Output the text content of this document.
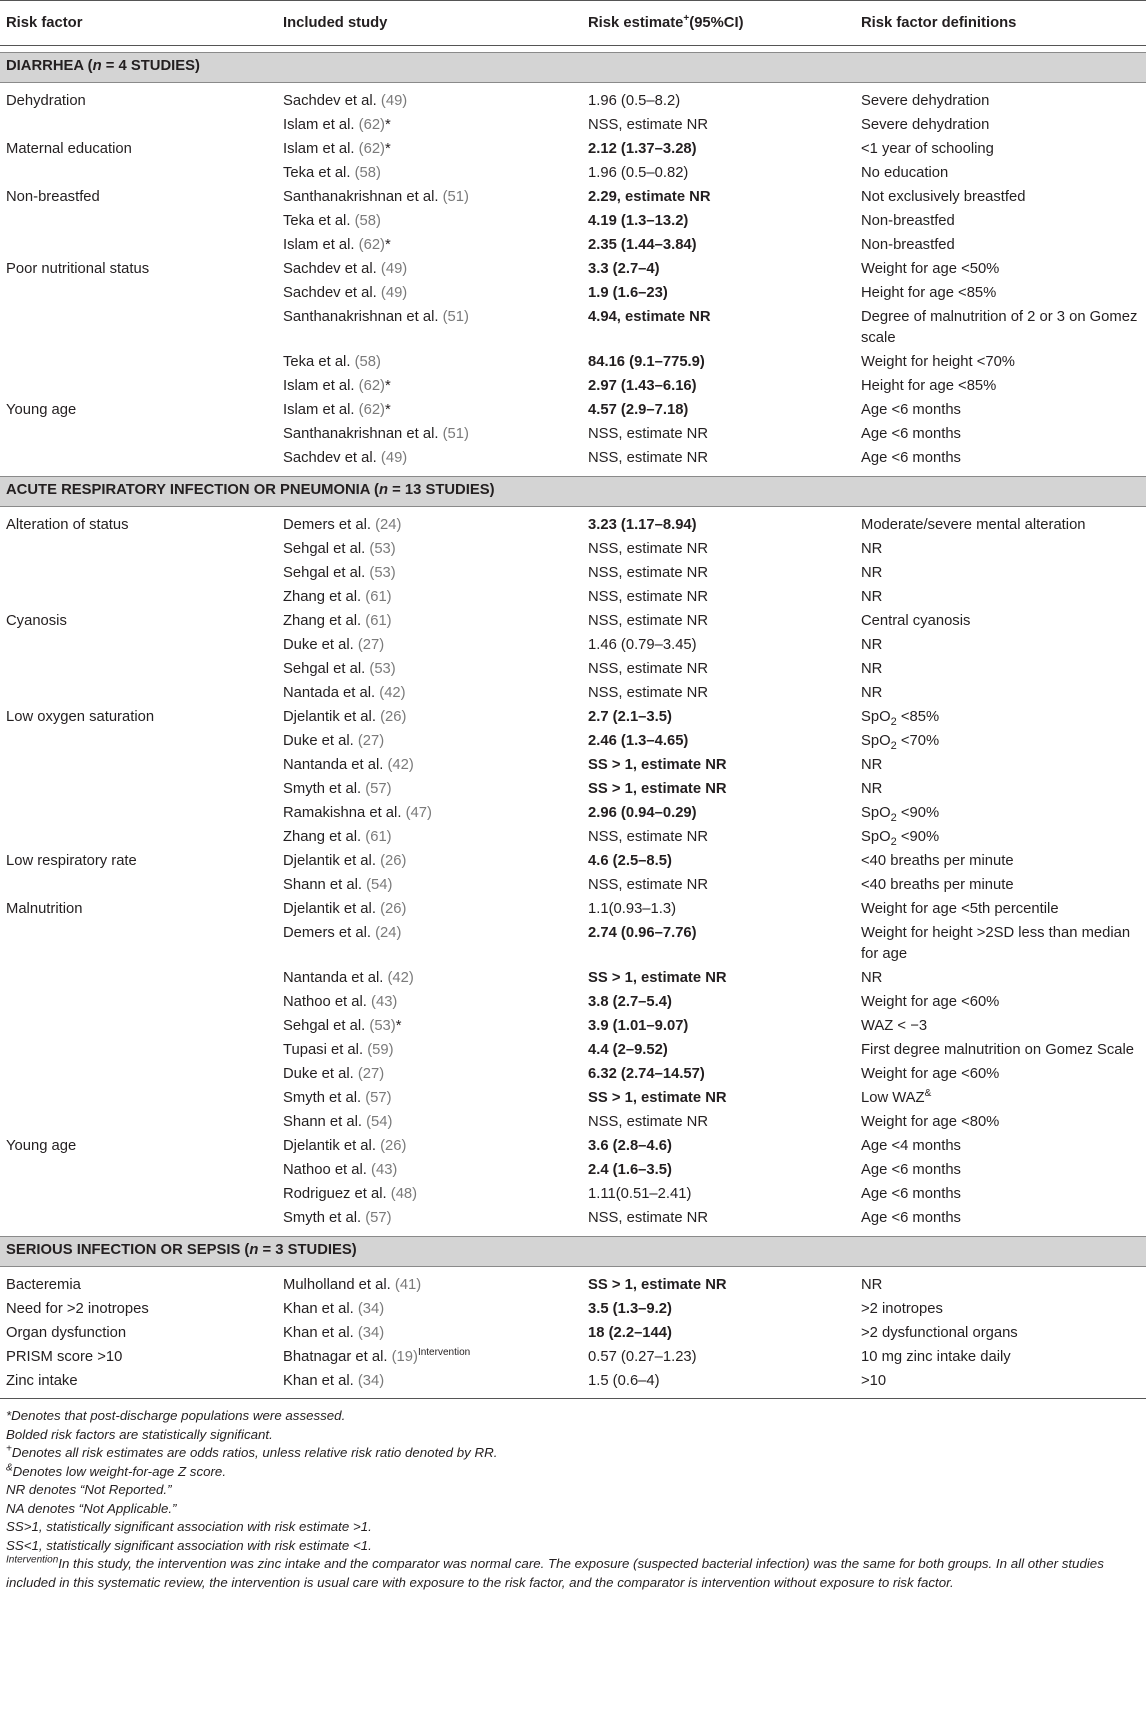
Risk factor	Included study	Risk estimate+(95%CI)	Risk factor definitions

DIARRHEA (n = 4 STUDIES)			

Dehydration	Sachdev et al. (49)	1.96 (0.5–8.2)	Severe dehydration
	Islam et al. (62)*	NSS, estimate NR	Severe dehydration
Maternal education	Islam et al. (62)*	2.12 (1.37–3.28)	<1 year of schooling
	Teka et al. (58)	1.96 (0.5–0.82)	No education
Non-breastfed	Santhanakrishnan et al. (51)	2.29, estimate NR	Not exclusively breastfed
	Teka et al. (58)	4.19 (1.3–13.2)	Non-breastfed
	Islam et al. (62)*	2.35 (1.44–3.84)	Non-breastfed
Poor nutritional status	Sachdev et al. (49)	3.3 (2.7–4)	Weight for age <50%
	Sachdev et al. (49)	1.9 (1.6–23)	Height for age <85%
	Santhanakrishnan et al. (51)	4.94, estimate NR	Degree of malnutrition of 2 or 3 on Gomez scale
	Teka et al. (58)	84.16 (9.1–775.9)	Weight for height <70%
	Islam et al. (62)*	2.97 (1.43–6.16)	Height for age <85%
Young age	Islam et al. (62)*	4.57 (2.9–7.18)	Age <6 months
	Santhanakrishnan et al. (51)	NSS, estimate NR	Age <6 months
	Sachdev et al. (49)	NSS, estimate NR	Age <6 months

ACUTE RESPIRATORY INFECTION OR PNEUMONIA (n = 13 STUDIES)			

Alteration of status	Demers et al. (24)	3.23 (1.17–8.94)	Moderate/severe mental alteration
	Sehgal et al. (53)	NSS, estimate NR	NR
	Sehgal et al. (53)	NSS, estimate NR	NR
	Zhang et al. (61)	NSS, estimate NR	NR
Cyanosis	Zhang et al. (61)	NSS, estimate NR	Central cyanosis
	Duke et al. (27)	1.46 (0.79–3.45)	NR
	Sehgal et al. (53)	NSS, estimate NR	NR
	Nantada et al. (42)	NSS, estimate NR	NR
Low oxygen saturation	Djelantik et al. (26)	2.7 (2.1–3.5)	SpO$_2$ <85%
	Duke et al. (27)	2.46 (1.3–4.65)	SpO$_2$ <70%
	Nantanda et al. (42)	SS > 1, estimate NR	NR
	Smyth et al. (57)	SS > 1, estimate NR	NR
	Ramakishna et al. (47)	2.96 (0.94–0.29)	SpO$_2$ <90%
	Zhang et al. (61)	NSS, estimate NR	SpO$_2$ <90%
Low respiratory rate	Djelantik et al. (26)	4.6 (2.5–8.5)	<40 breaths per minute
	Shann et al. (54)	NSS, estimate NR	<40 breaths per minute
Malnutrition	Djelantik et al. (26)	1.1(0.93–1.3)	Weight for age <5th percentile
	Demers et al. (24)	2.74 (0.96–7.76)	Weight for height >2SD less than median for age
	Nantanda et al. (42)	SS > 1, estimate NR	NR
	Nathoo et al. (43)	3.8 (2.7–5.4)	Weight for age <60%
	Sehgal et al. (53)*	3.9 (1.01–9.07)	WAZ < −3
	Tupasi et al. (59)	4.4 (2–9.52)	First degree malnutrition on Gomez Scale
	Duke et al. (27)	6.32 (2.74–14.57)	Weight for age <60%
	Smyth et al. (57)	SS > 1, estimate NR	Low WAZ&
	Shann et al. (54)	NSS, estimate NR	Weight for age <80%
Young age	Djelantik et al. (26)	3.6 (2.8–4.6)	Age <4 months
	Nathoo et al. (43)	2.4 (1.6–3.5)	Age <6 months
	Rodriguez et al. (48)	1.11(0.51–2.41)	Age <6 months
	Smyth et al. (57)	NSS, estimate NR	Age <6 months

SERIOUS INFECTION OR SEPSIS (n = 3 STUDIES)			

Bacteremia	Mulholland et al. (41)	SS > 1, estimate NR	NR
Need for >2 inotropes	Khan et al. (34)	3.5 (1.3–9.2)	>2 inotropes
Organ dysfunction	Khan et al. (34)	18 (2.2–144)	>2 dysfunctional organs
PRISM score >10	Bhatnagar et al. $(19)^{Intervention}$	0.57 (0.27–1.23)	10 mg zinc intake daily
Zinc intake	Khan et al. (34)	1.5 (0.6–4)	>10
*Denotes that post-discharge populations were assessed.
Bolded risk factors are statistically significant.
+Denotes all risk estimates are odds ratios, unless relative risk ratio denoted by RR.
&Denotes low weight-for-age Z score.
NR denotes “Not Reported.”
NA denotes “Not Applicable.”
SS>1, statistically significant association with risk estimate >1.
SS<1, statistically significant association with risk estimate <1.
$^{Intervention}$In this study, the intervention was zinc intake and the comparator was normal care. The exposure (suspected bacterial infection) was the same for both groups. In all other studies included in this systematic review, the intervention is usual care with exposure to the risk factor, and the comparator is intervention without exposure to risk factor.
